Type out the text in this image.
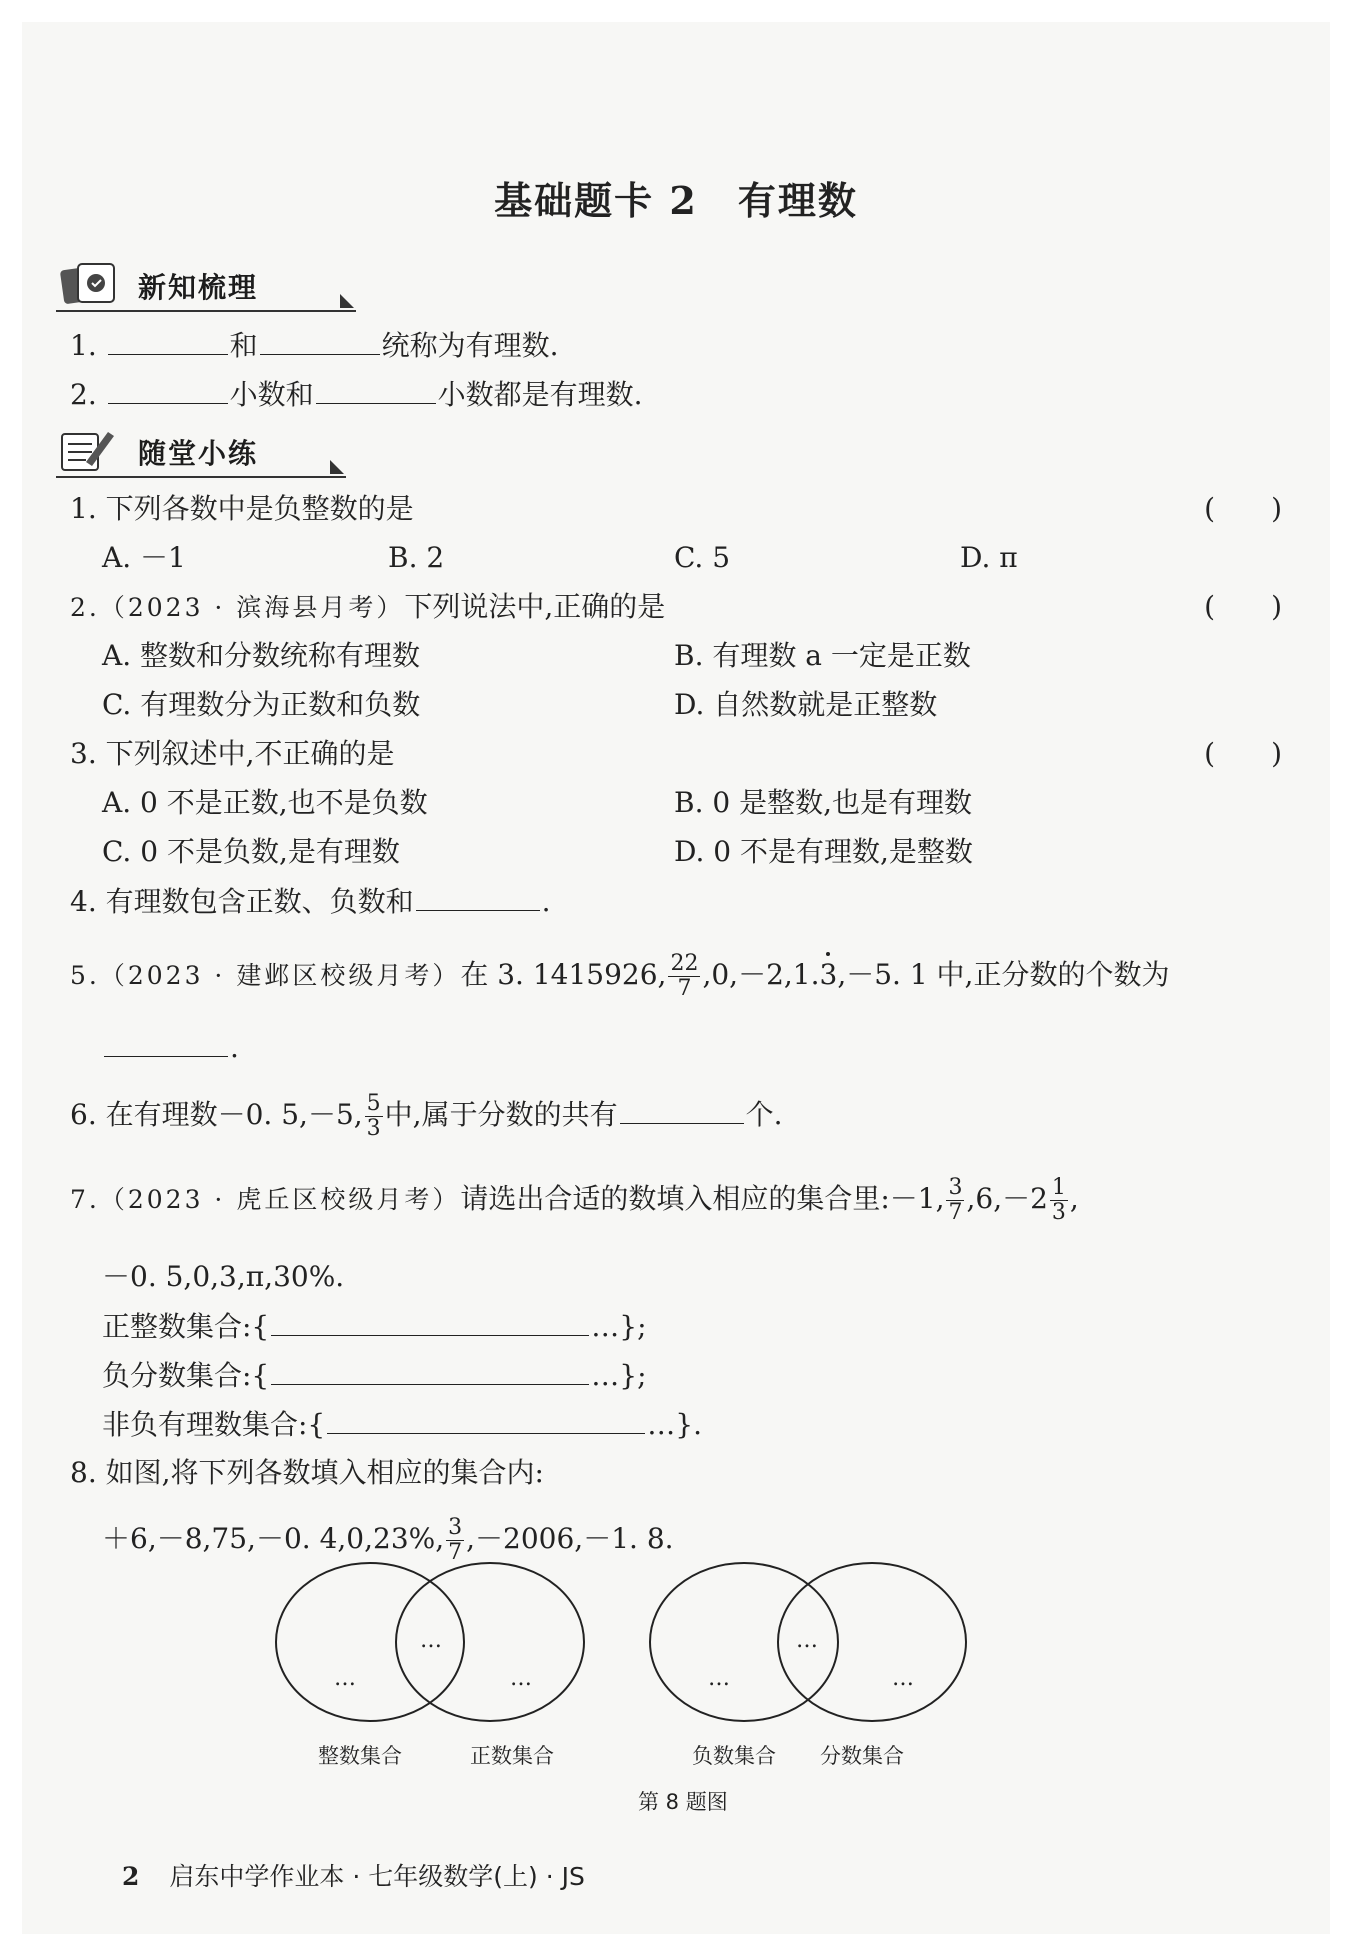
基础题卡 2 有理数
新知梳理
1.	和	统称为有理数.
2.	小数和	小数都是有理数.
随堂小练
1. 下列各数中是负整数的是	(　　)
A. －1	B. 2	C. 5	D. π
2.（2023 · 滨海县月考）下列说法中,正确的是	(　　)
A. 整数和分数统称有理数	B. 有理数 a 一定是正数
C. 有理数分为正数和负数	D. 自然数就是正整数
3. 下列叙述中,不正确的是	(　　)
A. 0 不是正数,也不是负数	B. 0 是整数,也是有理数
C. 0 不是负数,是有理数	D. 0 不是有理数,是整数
4. 有理数包含正数、负数和	.
5.（2023 · 建邺区校级月考）在 3. 1415926, $\frac{22}{7} ,0,-2,1.3,-5$. 1 中,正分数的个数为
.
6. 在有理数－0. 5,－5, $\frac{5}{3}$ 中,属于分数的共有	个.
7.（2023 · 虎丘区校级月考）请选出合适的数填入相应的集合里:－1, $\frac{3}{7} ,6,-2 \frac{1}{3}$ ,
－0. 5,0,3,π,30%.
正整数集合:{	…};
负分数集合:{	…};
非负有理数集合:{	…}.
8. 如图,将下列各数填入相应的集合内:
＋6,－8,75,－0. 4,0,23%, $\frac{3}{7} ,-2006,-1$. 8.
…
…
…	…
…
…
整数集合	正数集合	负数集合 分数集合
第 8 题图
2 启东中学作业本 · 七年级数学(上) · JS
